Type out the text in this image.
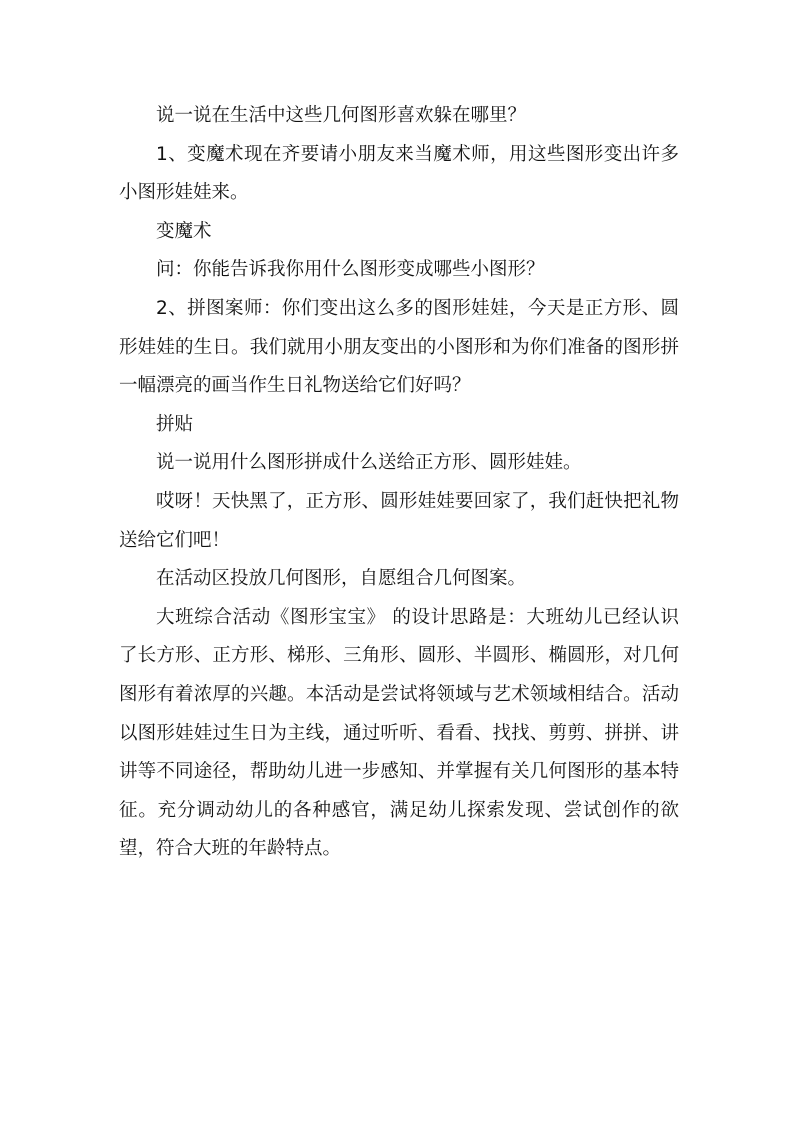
说一说在生活中这些几何图形喜欢躲在哪里？

1、变魔术现在齐要请小朋友来当魔术师，用这些图形变出许多小图形娃娃来。

变魔术

问：你能告诉我你用什么图形变成哪些小图形？

2、拼图案师：你们变出这么多的图形娃娃，今天是正方形、圆形娃娃的生日。我们就用小朋友变出的小图形和为你们准备的图形拼一幅漂亮的画当作生日礼物送给它们好吗？

拼贴

说一说用什么图形拼成什么送给正方形、圆形娃娃。

哎呀！天快黑了，正方形、圆形娃娃要回家了，我们赶快把礼物送给它们吧！

在活动区投放几何图形，自愿组合几何图案。

大班综合活动《图形宝宝》 的设计思路是：大班幼儿已经认识了长方形、正方形、梯形、三角形、圆形、半圆形、椭圆形，对几何图形有着浓厚的兴趣。本活动是尝试将领域与艺术领域相结合。活动以图形娃娃过生日为主线，通过听听、看看、找找、剪剪、拼拼、讲讲等不同途径，帮助幼儿进一步感知、并掌握有关几何图形的基本特征。充分调动幼儿的各种感官，满足幼儿探索发现、尝试创作的欲望，符合大班的年龄特点。
